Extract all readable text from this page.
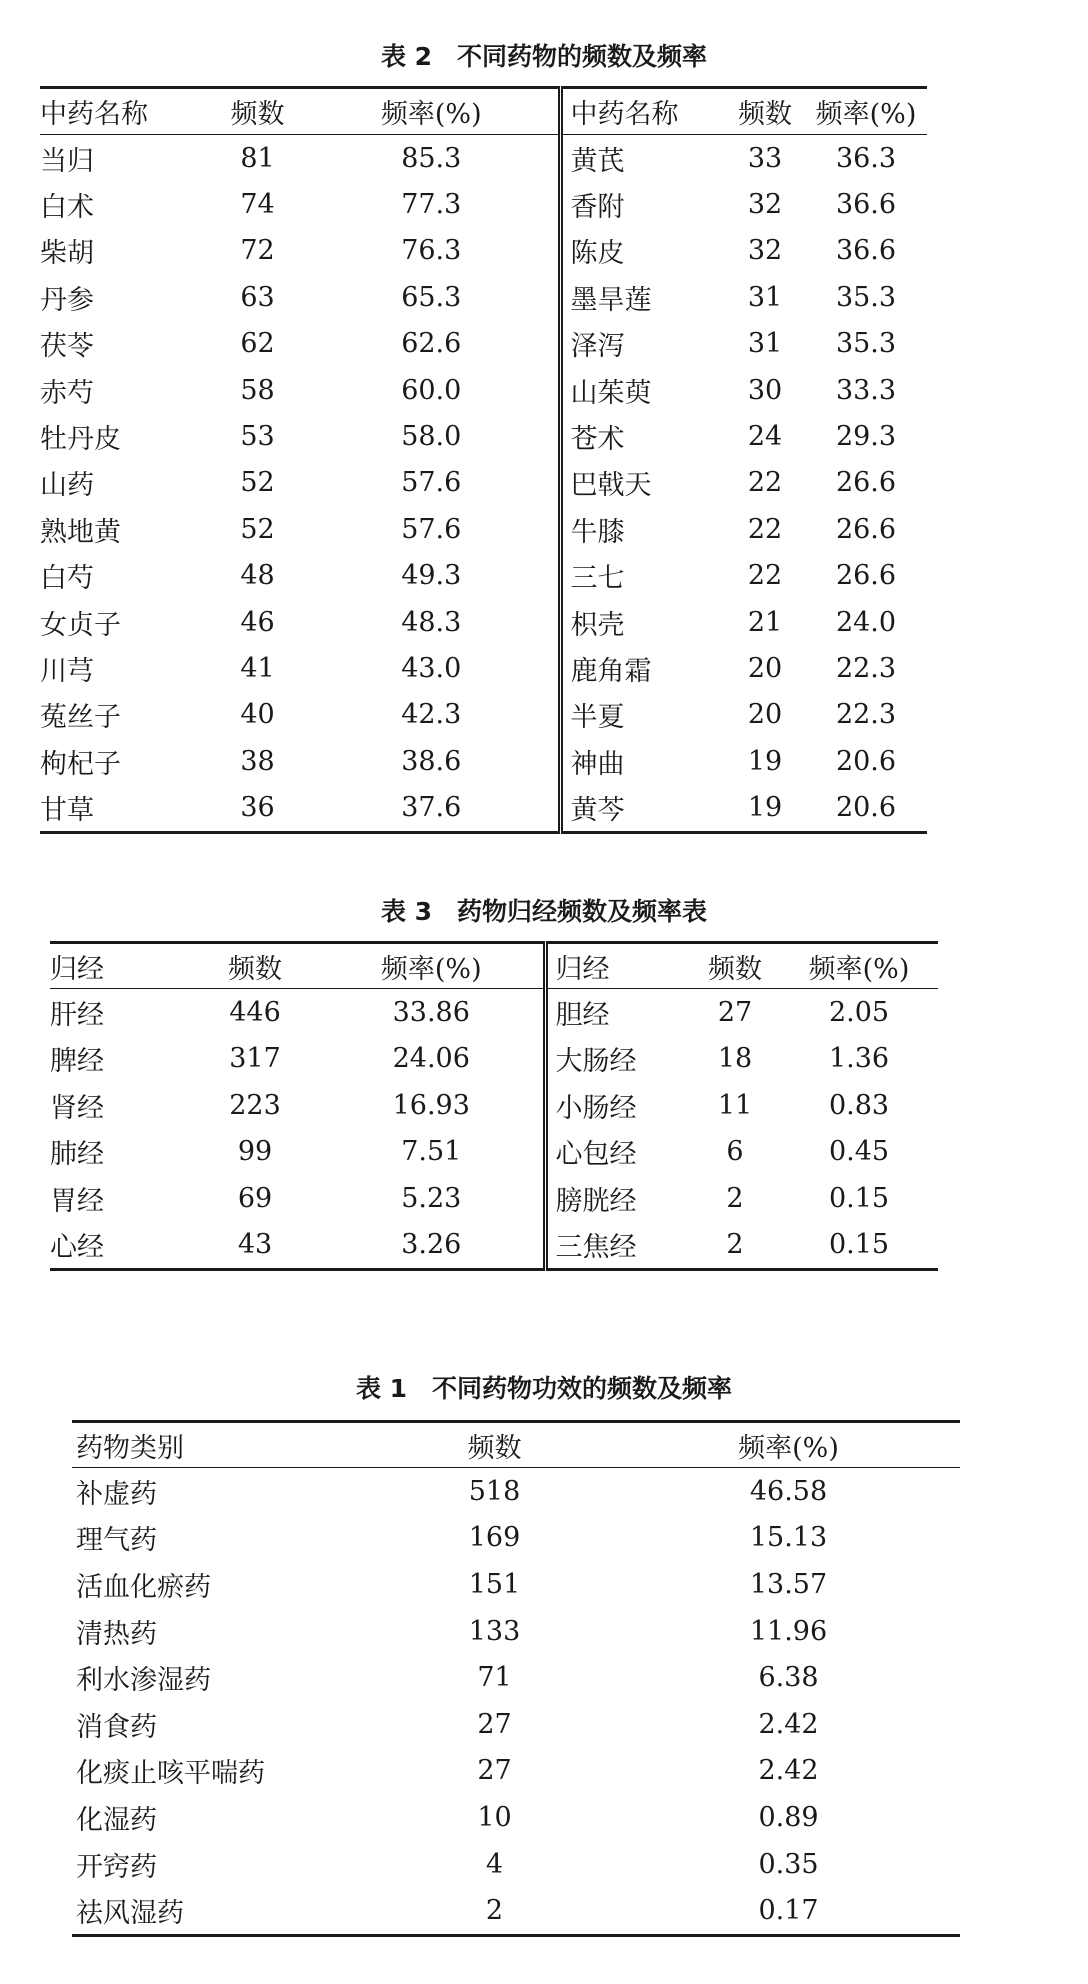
表 2　不同药物的频数及频率
中药名称	频数	频率(%)	中药名称	频数	频率(%)
当归	81	85.3	黄芪	33	36.3
白术	74	77.3	香附	32	36.6
柴胡	72	76.3	陈皮	32	36.6
丹参	63	65.3	墨旱莲	31	35.3
茯苓	62	62.6	泽泻	31	35.3
赤芍	58	60.0	山茱萸	30	33.3
牡丹皮	53	58.0	苍术	24	29.3
山药	52	57.6	巴戟天	22	26.6
熟地黄	52	57.6	牛膝	22	26.6
白芍	48	49.3	三七	22	26.6
女贞子	46	48.3	枳壳	21	24.0
川芎	41	43.0	鹿角霜	20	22.3
菟丝子	40	42.3	半夏	20	22.3
枸杞子	38	38.6	神曲	19	20.6
甘草	36	37.6	黄芩	19	20.6
表 3　药物归经频数及频率表
归经	频数	频率(%)	归经	频数	频率(%)
肝经	446	33.86	胆经	27	2.05
脾经	317	24.06	大肠经	18	1.36
肾经	223	16.93	小肠经	11	0.83
肺经	99	7.51	心包经	6	0.45
胃经	69	5.23	膀胱经	2	0.15
心经	43	3.26	三焦经	2	0.15
表 1　不同药物功效的频数及频率
药物类别	频数	频率(%)
补虚药	518	46.58
理气药	169	15.13
活血化瘀药	151	13.57
清热药	133	11.96
利水渗湿药	71	6.38
消食药	27	2.42
化痰止咳平喘药	27	2.42
化湿药	10	0.89
开窍药	4	0.35
祛风湿药	2	0.17
